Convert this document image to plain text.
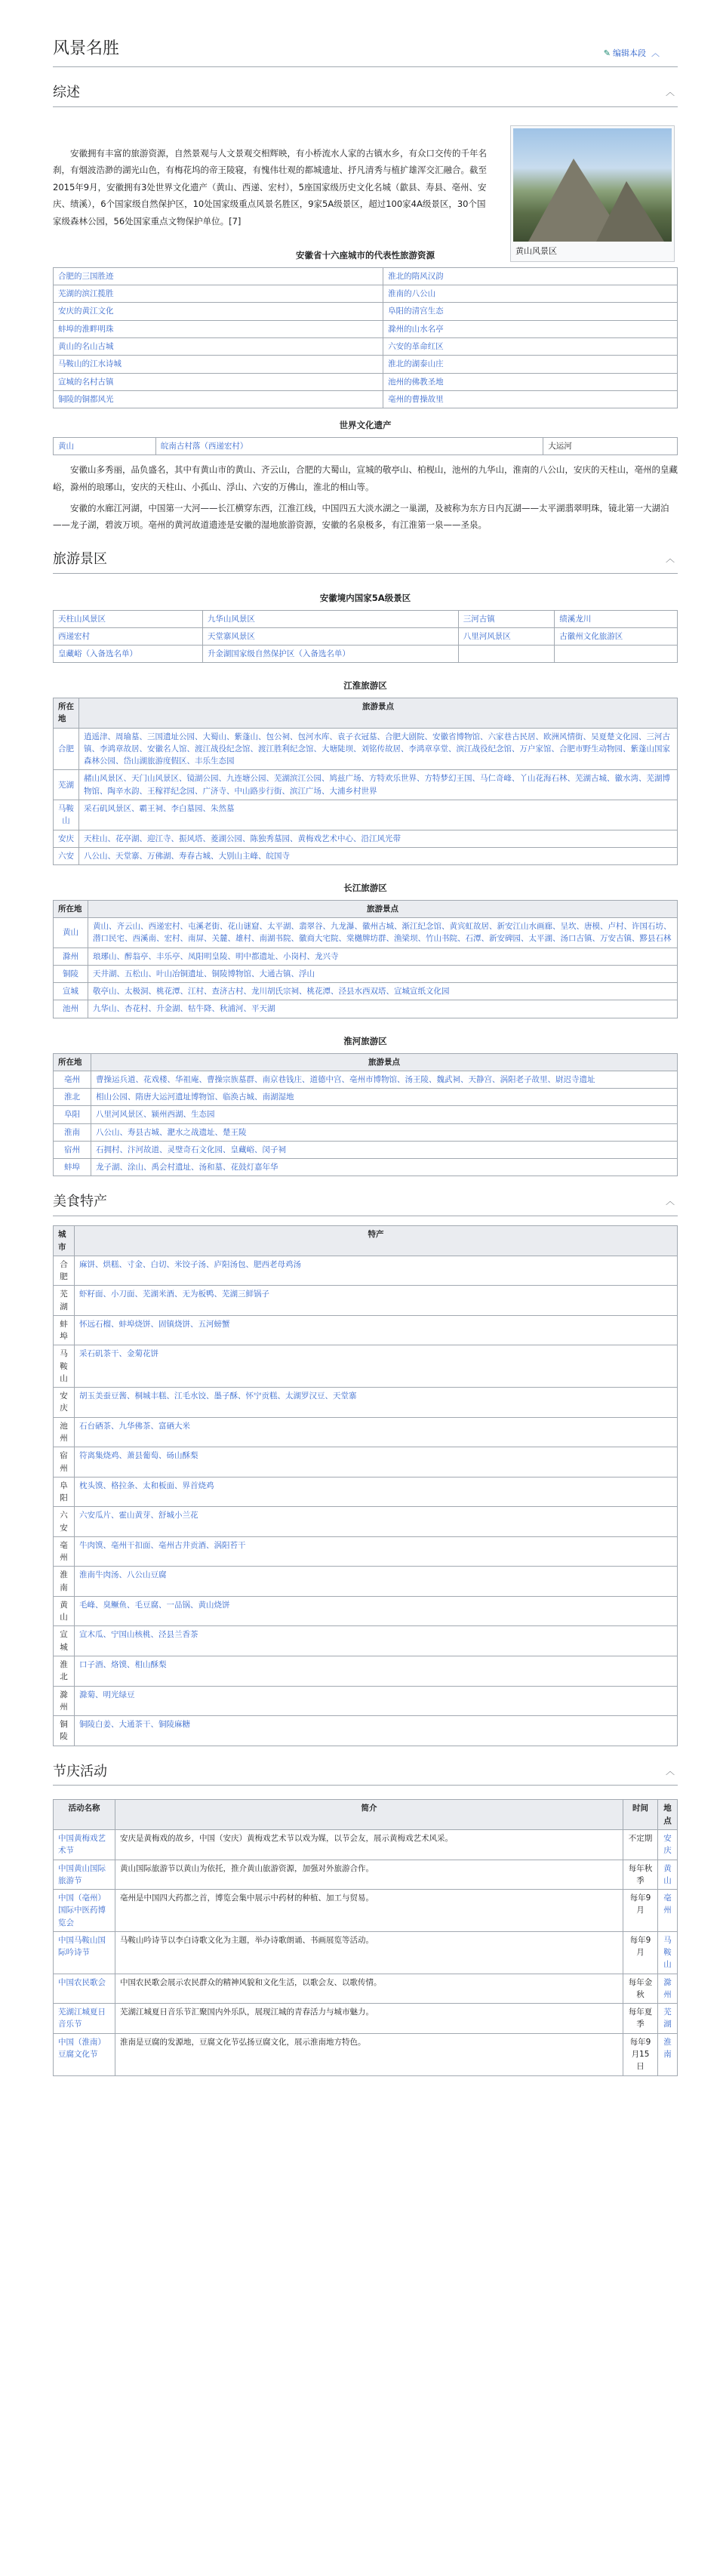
风景名胜	✎ 编辑本段  ︿
综述	︿

安徽拥有丰富的旅游资源，自然景观与人文景观交相辉映，有小桥流水人家的古镇水乡，有众口交传的千年名刹，有烟波浩渺的湖光山色，有梅花坞的帝王陵寝，有愧伟壮观的都城遗址、抒凡清秀与植扩雄浑交汇融合。截至2015年9月，安徽拥有3处世界文化遗产（黄山、西递、宏村），5座国家级历史文化名城（歙县、寿县、亳州、安庆、绩溪），6个国家级自然保护区，10处国家级重点风景名胜区，9家5A级景区，超过100家4A级景区，30个国家级森林公园，56处国家重点文物保护单位。[7]

黄山风景区
安徽省十六座城市的代表性旅游资源
合肥的三国胜迹	淮北的隋风汉韵
芜湖的滨江揽胜	淮南的八公山
安庆的黄江文化	阜阳的清宫生态
蚌埠的淮畔明珠	滁州的山水名亭
黄山的名山古城	六安的革命红区
马鞍山的江水诗城	淮北的湖泰山庄
宣城的名村古镇	池州的佛教圣地
铜陵的铜都风光	亳州的曹操故里
世界文化遗产
黄山	皖南古村落（西递宏村）	大运河

安徽山多秀丽，品负盛名，其中有黄山市的黄山、齐云山，合肥的大蜀山，宣城的敬亭山、柏枧山，池州的九华山，淮南的八公山，安庆的天柱山，亳州的皇藏峪，滁州的琅琊山，安庆的天柱山、小孤山、浮山、六安的万佛山，淮北的相山等。

安徽的水廊江河湖，中国第一大河——长江横穿东西，江淮江线，中国四五大淡水湖之一巢湖，及被称为东方日内瓦湖——太平湖翡翠明珠，镜北第一大湖泊——龙子湖，碧波万顷。亳州的黄河故道遗迹是安徽的湿地旅游资源，安徽的名泉极多，有江淮第一泉——圣泉。

旅游景区	︿
安徽境内国家5A级景区
天柱山风景区	九华山风景区	三河古镇	绩溪龙川
西递宏村	天堂寨风景区	八里河风景区	古徽州文化旅游区
皇藏峪（入备选名单）	升金湖国家级自然保护区（入备选名单）		
江淮旅游区
所在地	旅游景点
合肥	逍遥津、周瑜墓、三国遗址公园、大蜀山、紫蓬山、包公祠、包河水库、袁子衣冠墓、合肥大剧院、安徽省博物馆、六家巷古民居、欧洲风情街、吴夏楚文化园、三河古镇、李鸿章故居、安徽名人馆、渡江战役纪念馆、渡江胜利纪念馆、大塘陡坝、刘铭传故居、李鸿章享堂、滨江战役纪念馆、万户家馆、合肥市野生动物园、紫蓬山国家森林公园、岱山湖旅游度假区、丰乐生态园
芜湖	赭山风景区、天门山风景区、镜湖公园、九连塘公园、芜湖滨江公园、鸠兹广场、方特欢乐世界、方特梦幻王国、马仁奇峰、丫山花海石林、芜湖古城、徽水湾、芜湖博物馆、陶辛水韵、王稼祥纪念园、广济寺、中山路步行街、滨江广场、大浦乡村世界
马鞍山	采石矶风景区、霸王祠、李白墓园、朱然墓
安庆	天柱山、花亭湖、迎江寺、振风塔、菱湖公园、陈独秀墓园、黄梅戏艺术中心、沿江风光带
六安	八公山、天堂寨、万佛湖、寿春古城、大别山主峰、皖国寺
长江旅游区
所在地	旅游景点
黄山	黄山、齐云山、西递宏村、屯溪老街、花山谜窟、太平湖、翡翠谷、九龙瀑、徽州古城、渐江纪念馆、黄宾虹故居、新安江山水画廊、呈坎、唐模、卢村、许国石坊、潜口民宅、西溪南、宏村、南屏、关麓、雄村、南湖书院、徽商大宅院、棠樾牌坊群、渔梁坝、竹山书院、石潭、新安碑园、太平湖、汤口古镇、万安古镇、黟县石林
滁州	琅琊山、醉翁亭、丰乐亭、凤阳明皇陵、明中都遗址、小岗村、龙兴寺
铜陵	天井湖、五松山、叶山冶铜遗址、铜陵博物馆、大通古镇、浮山
宣城	敬亭山、太极洞、桃花潭、江村、查济古村、龙川胡氏宗祠、桃花潭、泾县水西双塔、宣城宣纸文化园
池州	九华山、杏花村、升金湖、牯牛降、秋浦河、平天湖
淮河旅游区
所在地	旅游景点
亳州	曹操运兵道、花戏楼、华祖庵、曹操宗族墓群、南京巷钱庄、道德中宫、亳州市博物馆、汤王陵、魏武祠、天静宫、涡阳老子故里、尉迟寺遗址
淮北	相山公园、隋唐大运河遗址博物馆、临涣古城、南湖湿地
阜阳	八里河风景区、颍州西湖、生态园
淮南	八公山、寿县古城、淝水之战遗址、楚王陵
宿州	石拥村、汴河故道、灵璧奇石文化园、皇藏峪、闵子祠
蚌埠	龙子湖、涂山、禹会村遗址、汤和墓、花鼓灯嘉年华
美食特产	︿
城市	特产
合肥	麻饼、烘糕、寸金、白切、米饺子汤、庐阳汤包、肥西老母鸡汤
芜湖	虾籽面、小刀面、芜湖米酒、无为板鸭、芜湖三鲜锅子
蚌埠	怀远石榴、蚌埠烧饼、固镇烧饼、五河螃蟹
马鞍山	采石矶茶干、金菊花饼
安庆	胡玉美蚕豆酱、桐城丰糕、江毛水饺、墨子酥、怀宁贡糕、太湖罗汉豆、天堂寨
池州	石台硒茶、九华佛茶、富硒大米
宿州	符离集烧鸡、萧县葡萄、砀山酥梨
阜阳	枕头馍、格拉条、太和板面、界首烧鸡
六安	六安瓜片、霍山黄芽、舒城小兰花
亳州	牛肉馍、亳州干扣面、亳州古井贡酒、涡阳苔干
淮南	淮南牛肉汤、八公山豆腐
黄山	毛峰、臭鳜鱼、毛豆腐、一品锅、黄山烧饼
宣城	宣木瓜、宁国山核桃、泾县兰香茶
淮北	口子酒、烙馍、相山酥梨
滁州	滁菊、明光绿豆
铜陵	铜陵白姜、大通茶干、铜陵麻糖
节庆活动	︿
活动名称	简介	时间	地点
中国黄梅戏艺术节	安庆是黄梅戏的故乡，中国（安庆）黄梅戏艺术节以戏为媒，以节会友，展示黄梅戏艺术风采。	不定期	安庆
中国黄山国际旅游节	黄山国际旅游节以黄山为依托，推介黄山旅游资源，加强对外旅游合作。	每年秋季	黄山
中国（亳州）国际中医药博览会	亳州是中国四大药都之首，博览会集中展示中药材的种植、加工与贸易。	每年9月	亳州
中国马鞍山国际吟诗节	马鞍山吟诗节以李白诗歌文化为主题，举办诗歌朗诵、书画展览等活动。	每年9月	马鞍山
中国农民歌会	中国农民歌会展示农民群众的精神风貌和文化生活，以歌会友、以歌传情。	每年金秋	滁州
芜湖江城夏日音乐节	芜湖江城夏日音乐节汇聚国内外乐队，展现江城的青春活力与城市魅力。	每年夏季	芜湖
中国（淮南）豆腐文化节	淮南是豆腐的发源地，豆腐文化节弘扬豆腐文化，展示淮南地方特色。	每年9月15日	淮南
